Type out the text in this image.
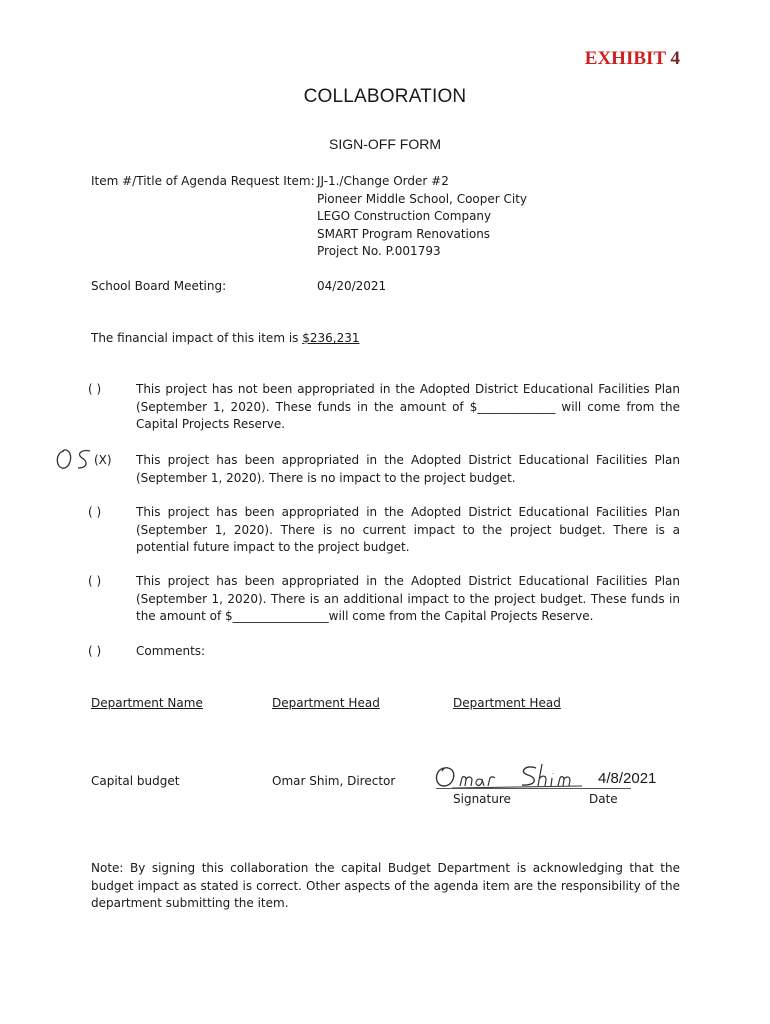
EXHIBIT 4
COLLABORATION
SIGN-OFF FORM
Item #/Title of Agenda Request Item: JJ-1./Change Order #2
Pioneer Middle School, Cooper City
LEGO Construction Company
SMART Program Renovations
Project No. P.001793
School Board Meeting:	04/20/2021
The financial impact of this item is $236,231
( )	This project has not been appropriated in the Adopted District Educational Facilities Plan (September 1, 2020). These funds in the amount of $_____________ will come from the Capital Projects Reserve.
OS
(X) This project has been appropriated in the Adopted District Educational Facilities Plan (September 1, 2020). There is no impact to the project budget.
( )	This project has been appropriated in the Adopted District Educational Facilities Plan (September 1, 2020). There is no current impact to the project budget. There is a potential future impact to the project budget.
( )	This project has been appropriated in the Adopted District Educational Facilities Plan (September 1, 2020). There is an additional impact to the project budget. These funds in the amount of $________________will come from the Capital Projects Reserve.
( )	Comments:
Department Name	Department Head	Department Head
Capital budget	Omar Shim, Director
Omar Shim
4/8/2021
Signature	Date
Note: By signing this collaboration the capital Budget Department is acknowledging that the budget impact as stated is correct. Other aspects of the agenda item are the responsibility of the department submitting the item.
